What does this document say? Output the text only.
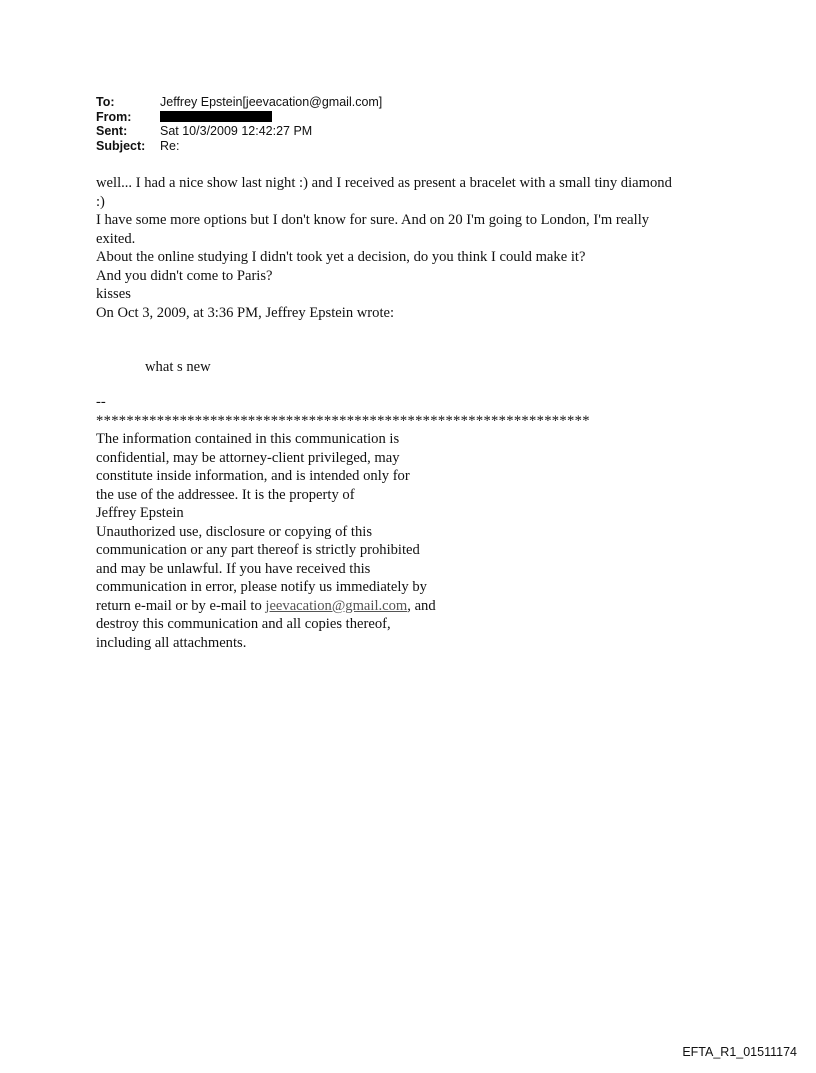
To:	Jeffrey Epstein[jeevacation@gmail.com]
From:
Sent:	Sat 10/3/2009 12:42:27 PM
Subject:	Re:

well... I had a nice show last night :) and I received as present a bracelet with a small tiny diamond

:)

I have some more options but I don't know for sure. And on 20 I'm going to London, I'm really

exited.

About the online studying I didn't took yet a decision, do you think I could make it?

And you didn't come to Paris?

kisses

On Oct 3, 2009, at 3:36 PM, Jeffrey Epstein wrote:

what s new

--

*****************************************************************

The information contained in this communication is

confidential, may be attorney-client privileged, may

constitute inside information, and is intended only for

the use of the addressee. It is the property of

Jeffrey Epstein

Unauthorized use, disclosure or copying of this

communication or any part thereof is strictly prohibited

and may be unlawful. If you have received this

communication in error, please notify us immediately by

return e-mail or by e-mail to jeevacation@gmail.com, and

destroy this communication and all copies thereof,

including all attachments.

EFTA_R1_01511174
